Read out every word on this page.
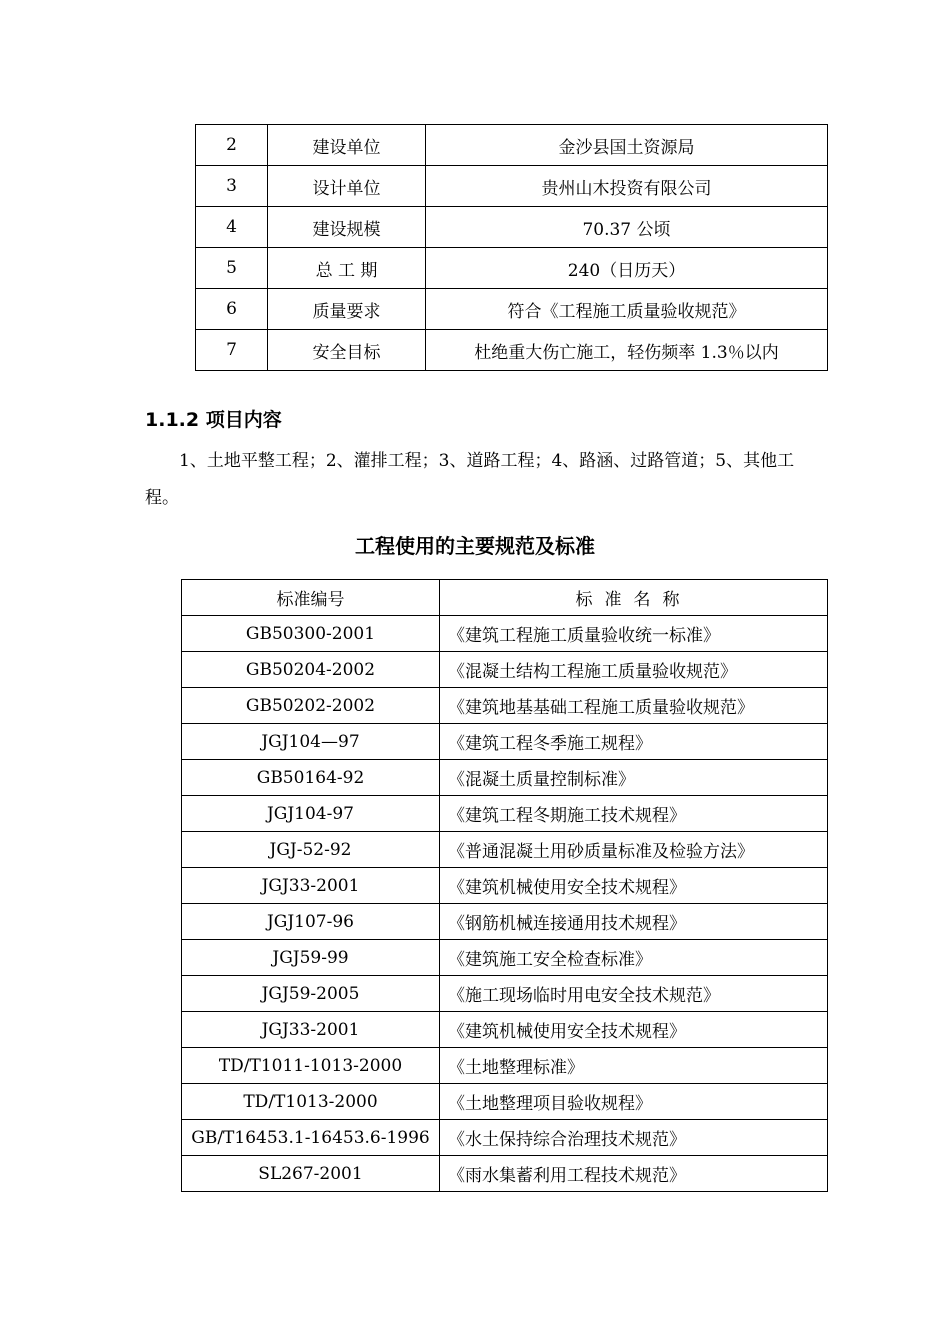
2	建设单位	金沙县国土资源局
3	设计单位	贵州山木投资有限公司
4	建设规模	70.37 公顷
5	总 工 期	240（日历天）
6	质量要求	符合《工程施工质量验收规范》
7	安全目标	杜绝重大伤亡施工，轻伤频率 1.3％以内
1.1.2 项目内容
1、土地平整工程；2、灌排工程；3、道路工程；4、路涵、过路管道；5、其他工程。
工程使用的主要规范及标准
标准编号	标准名称
GB50300-2001	《建筑工程施工质量验收统一标准》
GB50204-2002	《混凝土结构工程施工质量验收规范》
GB50202-2002	《建筑地基基础工程施工质量验收规范》
JGJ104—97	《建筑工程冬季施工规程》
GB50164-92	《混凝土质量控制标准》
JGJ104-97	《建筑工程冬期施工技术规程》
JGJ-52-92	《普通混凝土用砂质量标准及检验方法》
JGJ33-2001	《建筑机械使用安全技术规程》
JGJ107-96	《钢筋机械连接通用技术规程》
JGJ59-99	《建筑施工安全检查标准》
JGJ59-2005	《施工现场临时用电安全技术规范》
JGJ33-2001	《建筑机械使用安全技术规程》
TD/T1011-1013-2000	《土地整理标准》
TD/T1013-2000	《土地整理项目验收规程》
GB/T16453.1-16453.6-1996	《水土保持综合治理技术规范》
SL267-2001	《雨水集蓄利用工程技术规范》
